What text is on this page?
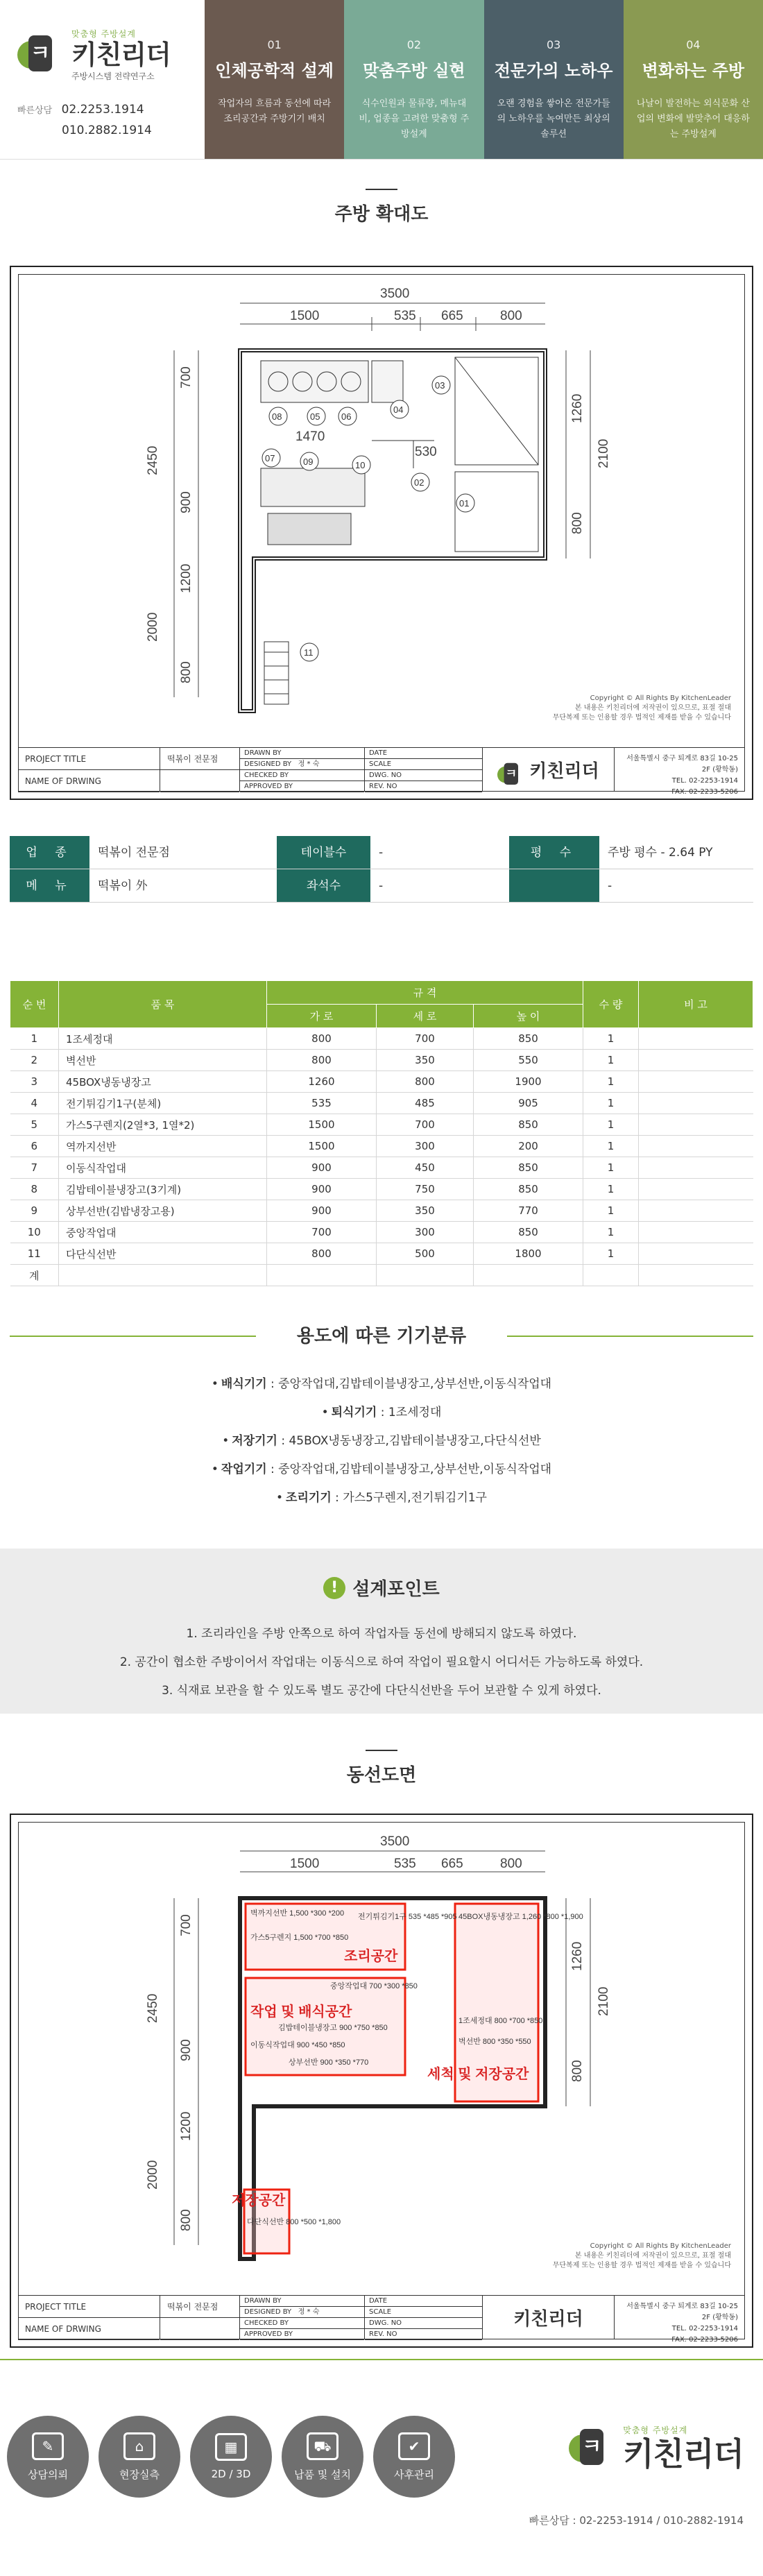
ㅋ
맞춤형 주방설계
키친리더
주방시스템 전략연구소
빠른상담 02.2253.1914
010.2882.1914
01
인체공학적 설계
작업자의 흐름과 동선에 따라 조리공간과 주방기기 배치
02
맞춤주방 실현
식수인원과 물류량, 메뉴대비, 업종을 고려한 맞춤형 주방설계
03
전문가의 노하우
오랜 경험을 쌓아온 전문가들의 노하우를 녹여만든 최상의 솔루션
04
변화하는 주방
나날이 발전하는 외식문화 산업의 변화에 발맞추어 대응하는 주방설계
주방 확대도
3500
1500	535 665	800
2450
700
900
1200
2000
800
2100
1260
800
1470
530
03
04
08	05 06
07	09	10
02
01
11
Copyright © All Rights By KitchenLeader
본 내용은 키친리더에 저작권이 있으므로, 표절 절대
무단복제 또는 인용할 경우 법적인 제재를 받을 수 있습니다
PROJECT TITLE
NAME OF DRWING
떡볶이 전문점
DRAWN BY
DESIGNED BY 정 * 숙
CHECKED BY
APPROVED BY
DATE
SCALE
DWG. NO
REV. NO
ㅋ 키친리더
서울특별시 중구 퇴계로 83길 10-25 2F (황학동)
TEL. 02-2253-1914
FAX. 02-2233-5206
업 종	떡볶이 전문점	테이블수	-	평 수	주방 평수 - 2.64 PY
메 뉴	떡볶이 外	좌석수	-	-
순 번	품 목	규 격			수 량	비 고
		가 로	세 로	높 이		
1	1조세정대	800	700	850	1	
2	벽선반	800	350	550	1	
3	45BOX냉동냉장고	1260	800	1900	1	
4	전기튀김기1구(분체)	535	485	905	1	
5	가스5구렌지(2열*3, 1열*2)	1500	700	850	1	
6	역까지선반	1500	300	200	1	
7	이동식작업대	900	450	850	1	
8	김밥테이블냉장고(3기계)	900	750	850	1	
9	상부선반(김밥냉장고용)	900	350	770	1	
10	중앙작업대	700	300	850	1	
11	다단식선반	800	500	1800	1	
계						
용도에 따른 기기분류
• 배식기기 : 중앙작업대,김밥테이블냉장고,상부선반,이동식작업대
• 퇴식기기 : 1조세정대
• 저장기기 : 45BOX냉동냉장고,김밥테이블냉장고,다단식선반
• 작업기기 : 중앙작업대,김밥테이블냉장고,상부선반,이동식작업대
• 조리기기 : 가스5구렌지,전기튀김기1구
! 설계포인트
1. 조리라인을 주방 안쪽으로 하여 작업자들 동선에 방해되지 않도록 하였다.
2. 공간이 협소한 주방이어서 작업대는 이동식으로 하여 작업이 필요할시 어디서든 가능하도록 하였다.
3. 식재료 보관을 할 수 있도록 별도 공간에 다단식선반을 두어 보관할 수 있게 하였다.
동선도면
3500
1500	535 665	800
2450
700
900
1200
2000
800
2100
1260
800
조리공간
작업 및 배식공간
세척 및 저장공간
저장공간
벽까지선반 1,500 *300 *200
가스5구렌지 1,500 *700 *850
전기튀김기1구 535 *485 *905
중앙작업대 700 *300 *850
김밥테이블냉장고 900 *750 *850
이동식작업대 900 *450 *850
상부선반 900 *350 *770
45BOX냉동냉장고 1,260 *800 *1,900
1조세정대 800 *700 *850
벽선반 800 *350 *550
다단식선반 800 *500 *1,800
Copyright © All Rights By KitchenLeader
본 내용은 키친리더에 저작권이 있으므로, 표절 절대
무단복제 또는 인용할 경우 법적인 제재를 받을 수 있습니다
PROJECT TITLE
NAME OF DRWING
떡볶이 전문점
DRAWN BY
DESIGNED BY 정 * 숙
CHECKED BY
APPROVED BY
DATE
SCALE
DWG. NO
REV. NO
키친리더
서울특별시 중구 퇴계로 83길 10-25 2F (황학동)
TEL. 02-2253-1914
FAX. 02-2233-5206
✎
상담의뢰
⌂
현장실측
▦
2D / 3D
⛟
납품 및 설치
✔
사후관리
ㅋ
맞춤형 주방설계
키친리더
빠른상담 : 02-2253-1914 / 010-2882-1914
